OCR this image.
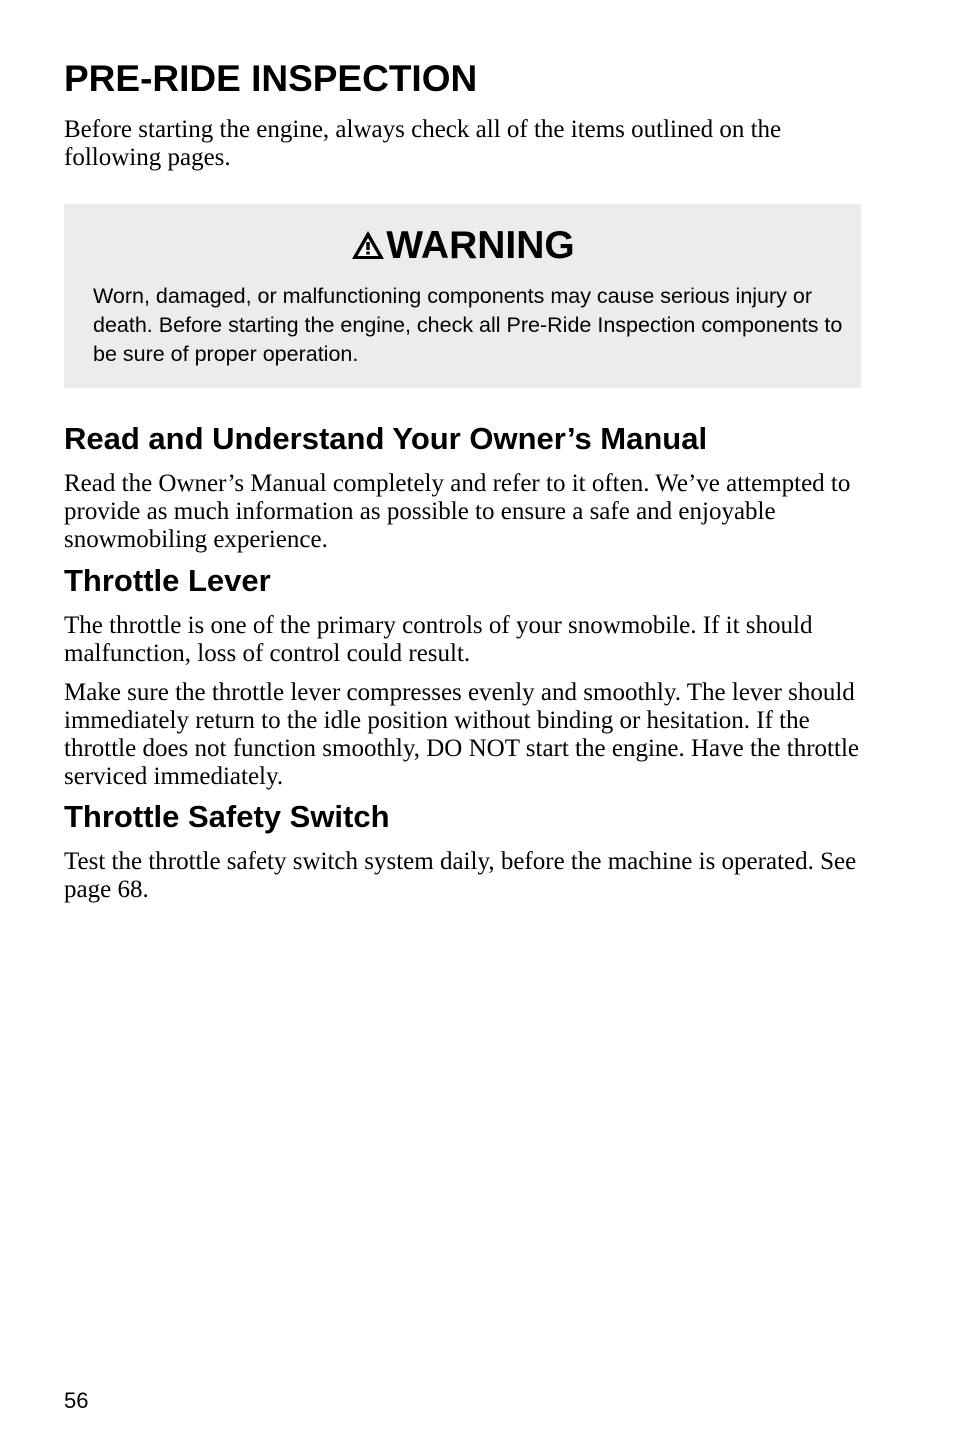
PRE-RIDE INSPECTION

Before starting the engine, always check all of the items outlined on the following pages.

WARNING

Worn, damaged, or malfunctioning components may cause serious injury or death. Before starting the engine, check all Pre-Ride Inspection components to be sure of proper operation.

Read and Understand Your Owner’s Manual

Read the Owner’s Manual completely and refer to it often. We’ve attempted to provide as much information as possible to ensure a safe and enjoyable snowmobiling experience.

Throttle Lever

The throttle is one of the primary controls of your snowmobile. If it should malfunction, loss of control could result.

Make sure the throttle lever compresses evenly and smoothly. The lever should immediately return to the idle position without binding or hesitation. If the throttle does not function smoothly, DO NOT start the engine. Have the throttle serviced immediately.

Throttle Safety Switch

Test the throttle safety switch system daily, before the machine is operated. See page 68.

56
